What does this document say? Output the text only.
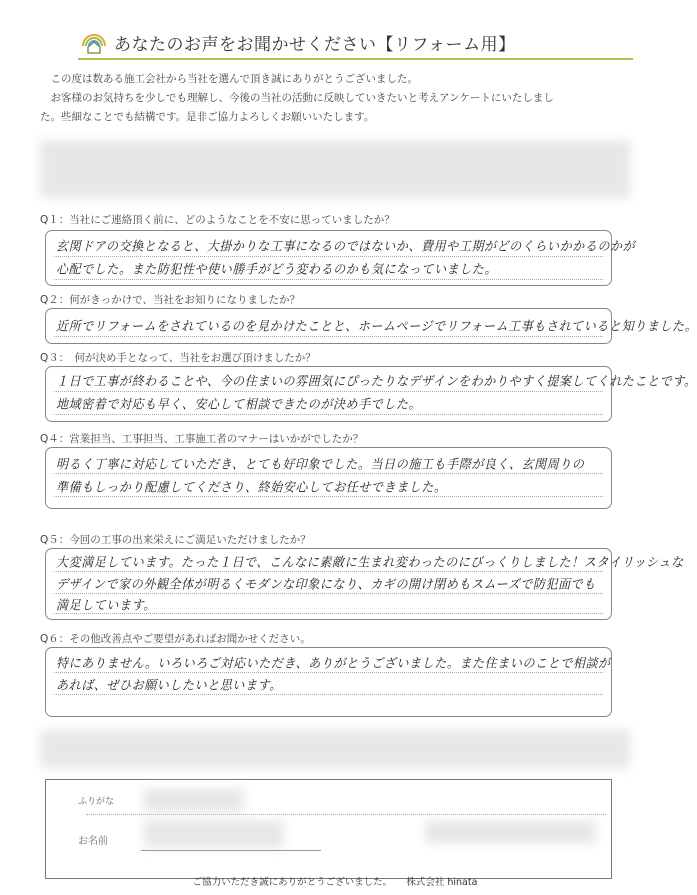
あなたのお声をお聞かせください【リフォーム用】

この度は数ある施工会社から当社を選んで頂き誠にありがとうございました。

お客様のお気持ちを少しでも理解し、今後の当社の活動に反映していきたいと考えアンケートにいたしまし

た。些細なことでも結構です。是非ご協力よろしくお願いいたします。

Q１：当社にご連絡頂く前に、どのようなことを不安に思っていましたか？
玄関ドアの交換となると、大掛かりな工事になるのではないか、費用や工期がどのくらいかかるのかが
心配でした。また防犯性や使い勝手がどう変わるのかも気になっていました。
Q２：何がきっかけで、当社をお知りになりましたか？
近所でリフォームをされているのを見かけたことと、ホームページでリフォーム工事もされていると知りました。
Q３：　何が決め手となって、当社をお選び頂けましたか？
１日で工事が終わることや、今の住まいの雰囲気にぴったりなデザインをわかりやすく提案してくれたことです。
地域密着で対応も早く、安心して相談できたのが決め手でした。
Q４：営業担当、工事担当、工事施工者のマナーはいかがでしたか？
明るく丁寧に対応していただき、とても好印象でした。当日の施工も手際が良く、玄関周りの
準備もしっかり配慮してくださり、終始安心してお任せできました。
Q５：今回の工事の出来栄えにご満足いただけましたか？
大変満足しています。たった１日で、こんなに素敵に生まれ変わったのにびっくりしました！スタイリッシュな
デザインで家の外観全体が明るくモダンな印象になり、カギの開け閉めもスムーズで防犯面でも
満足しています。
Q６：その他改善点やご要望があればお聞かせください。
特にありません。いろいろご対応いただき、ありがとうございました。また住まいのことで相談が
あれば、ぜひお願いしたいと思います。
ふりがな
お名前
ご協力いただき誠にありがとうございました。　　株式会社 hinata
